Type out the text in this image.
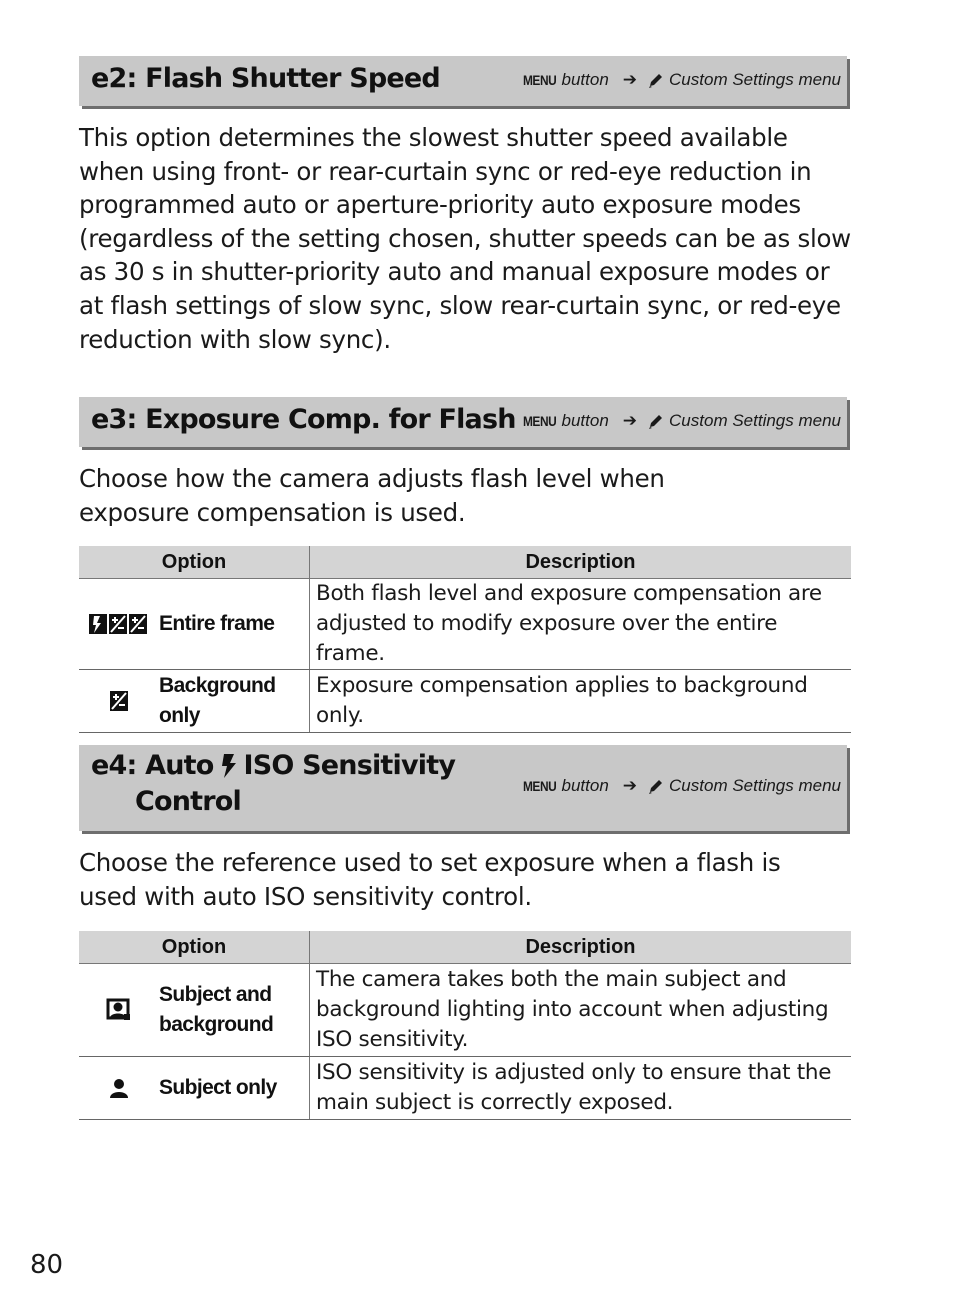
e2: Flash Shutter Speed	MENU button ➔ Custom Settings menu

This option determines the slowest shutter speed available when using front- or rear-curtain sync or red-eye reduction in programmed auto or aperture-priority auto exposure modes (regardless of the setting chosen, shutter speeds can be as slow as 30 s in shutter-priority auto and manual exposure modes or at flash settings of slow sync, slow rear-curtain sync, or red-eye reduction with slow sync).

e3: Exposure Comp. for Flash MENU button ➔ Custom Settings menu

Choose how the camera adjusts flash level when exposure compensation is used.

Option	Description

Entire frame	Both flash level and exposure compensation are adjusted to modify exposure over the entire frame.

Background only	Exposure compensation applies to background only.
e4: Auto ISO Sensitivity
Control	MENU button ➔ Custom Settings menu

Choose the reference used to set exposure when a flash is used with auto ISO sensitivity control.

Option	Description

Subject and background	The camera takes both the main subject and background lighting into account when adjusting ISO sensitivity.

Subject only	ISO sensitivity is adjusted only to ensure that the main subject is correctly exposed.
80
